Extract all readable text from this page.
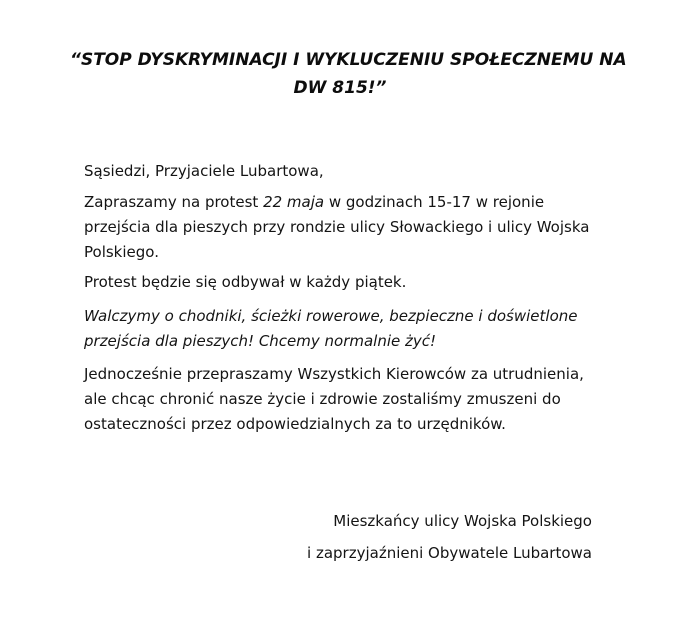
“STOP DYSKRYMINACJI I WYKLUCZENIU SPOŁECZNEMU NA
DW 815!”

Sąsiedzi, Przyjaciele Lubartowa,

Zapraszamy na protest 22 maja w godzinach 15-17 w rejonie
przejścia dla pieszych przy rondzie ulicy Słowackiego i ulicy Wojska
Polskiego.

Protest będzie się odbywał w każdy piątek.

Walczymy o chodniki, ścieżki rowerowe, bezpieczne i doświetlone
przejścia dla pieszych! Chcemy normalnie żyć!

Jednocześnie przepraszamy Wszystkich Kierowców za utrudnienia,
ale chcąc chronić nasze życie i zdrowie zostaliśmy zmuszeni do
ostateczności przez odpowiedzialnych za to urzędników.

Mieszkańcy ulicy Wojska Polskiego
i zaprzyjaźnieni Obywatele Lubartowa
